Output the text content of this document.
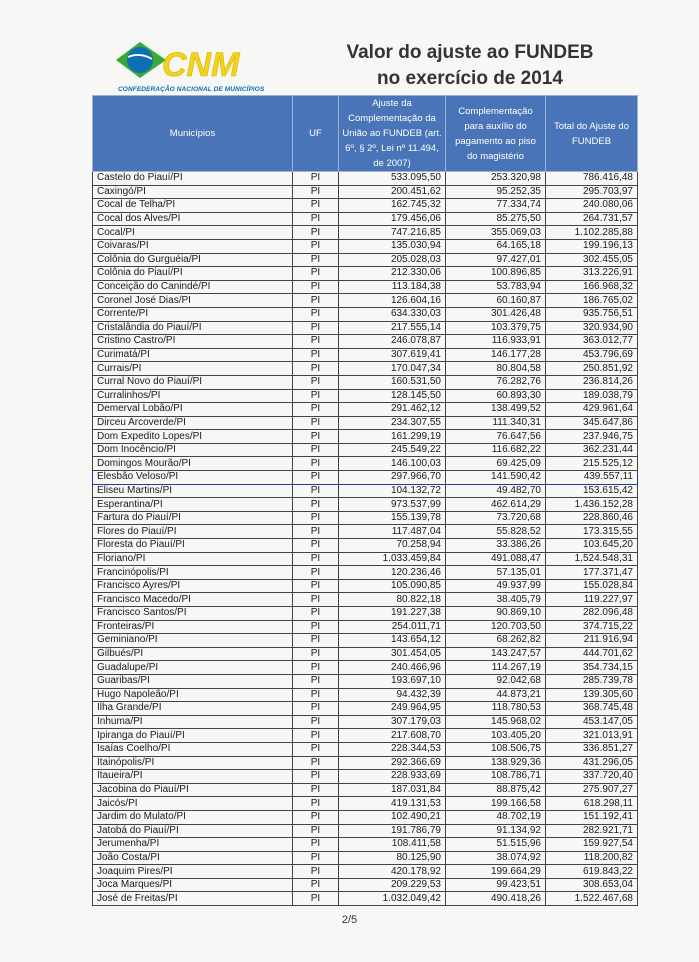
CNM
CONFEDERAÇÃO NACIONAL DE MUNICÍPIOS
Valor do ajuste ao FUNDEB
no exercício de 2014
Municípios	UF	Ajuste da Complementação da União ao FUNDEB (art. 6º, § 2º, Lei nº 11.494, de 2007)	Complementação para auxílio do pagamento ao piso do magistério	Total do Ajuste do FUNDEB
Castelo do Piauí/PI	PI	533.095,50	253.320,98	786.416,48
Caxingó/PI	PI	200.451,62	95.252,35	295.703,97
Cocal de Telha/PI	PI	162.745,32	77.334,74	240.080,06
Cocal dos Alves/PI	PI	179.456,06	85.275,50	264.731,57
Cocal/PI	PI	747.216,85	355.069,03	1.102.285,88
Coivaras/PI	PI	135.030,94	64.165,18	199.196,13
Colônia do Gurguéia/PI	PI	205.028,03	97.427,01	302.455,05
Colônia do Piauí/PI	PI	212.330,06	100.896,85	313.226,91
Conceição do Canindé/PI	PI	113.184,38	53.783,94	166.968,32
Coronel José Dias/PI	PI	126.604,16	60.160,87	186.765,02
Corrente/PI	PI	634.330,03	301.426,48	935.756,51
Cristalândia do Piauí/PI	PI	217.555,14	103.379,75	320.934,90
Cristino Castro/PI	PI	246.078,87	116.933,91	363.012,77
Curimatá/PI	PI	307.619,41	146.177,28	453.796,69
Currais/PI	PI	170.047,34	80.804,58	250.851,92
Curral Novo do Piauí/PI	PI	160.531,50	76.282,76	236.814,26
Curralinhos/PI	PI	128.145,50	60.893,30	189.038,79
Demerval Lobão/PI	PI	291.462,12	138.499,52	429.961,64
Dirceu Arcoverde/PI	PI	234.307,55	111.340,31	345.647,86
Dom Expedito Lopes/PI	PI	161.299,19	76.647,56	237.946,75
Dom Inocêncio/PI	PI	245.549,22	116.682,22	362.231,44
Domingos Mourão/PI	PI	146.100,03	69.425,09	215.525,12
Elesbão Veloso/PI	PI	297.966,70	141.590,42	439.557,11
Eliseu Martins/PI	PI	104.132,72	49.482,70	153.615,42
Esperantina/PI	PI	973.537,99	462.614,29	1.436.152,28
Fartura do Piauí/PI	PI	155.139,78	73.720,68	228.860,46
Flores do Piauí/PI	PI	117.487,04	55.828,52	173.315,55
Floresta do Piauí/PI	PI	70.258,94	33.386,26	103.645,20
Floriano/PI	PI	1.033.459,84	491.088,47	1.524.548,31
Francinópolis/PI	PI	120.236,46	57.135,01	177.371,47
Francisco Ayres/PI	PI	105.090,85	49.937,99	155.028,84
Francisco Macedo/PI	PI	80.822,18	38.405,79	119.227,97
Francisco Santos/PI	PI	191.227,38	90.869,10	282.096,48
Fronteiras/PI	PI	254.011,71	120.703,50	374.715,22
Geminiano/PI	PI	143.654,12	68.262,82	211.916,94
Gilbués/PI	PI	301.454,05	143.247,57	444.701,62
Guadalupe/PI	PI	240.466,96	114.267,19	354.734,15
Guaribas/PI	PI	193.697,10	92.042,68	285.739,78
Hugo Napoleão/PI	PI	94.432,39	44.873,21	139.305,60
Ilha Grande/PI	PI	249.964,95	118.780,53	368.745,48
Inhuma/PI	PI	307.179,03	145.968,02	453.147,05
Ipiranga do Piauí/PI	PI	217.608,70	103.405,20	321.013,91
Isaías Coelho/PI	PI	228.344,53	108.506,75	336.851,27
Itainópolis/PI	PI	292.366,69	138.929,36	431.296,05
Itaueira/PI	PI	228.933,69	108.786,71	337.720,40
Jacobina do Piauí/PI	PI	187.031,84	88.875,42	275.907,27
Jaicós/PI	PI	419.131,53	199.166,58	618.298,11
Jardim do Mulato/PI	PI	102.490,21	48.702,19	151.192,41
Jatobá do Piauí/PI	PI	191.786,79	91.134,92	282.921,71
Jerumenha/PI	PI	108.411,58	51.515,96	159.927,54
João Costa/PI	PI	80.125,90	38.074,92	118.200,82
Joaquim Pires/PI	PI	420.178,92	199.664,29	619.843,22
Joca Marques/PI	PI	209.229,53	99.423,51	308.653,04
José de Freitas/PI	PI	1.032.049,42	490.418,26	1.522.467,68
2/5
